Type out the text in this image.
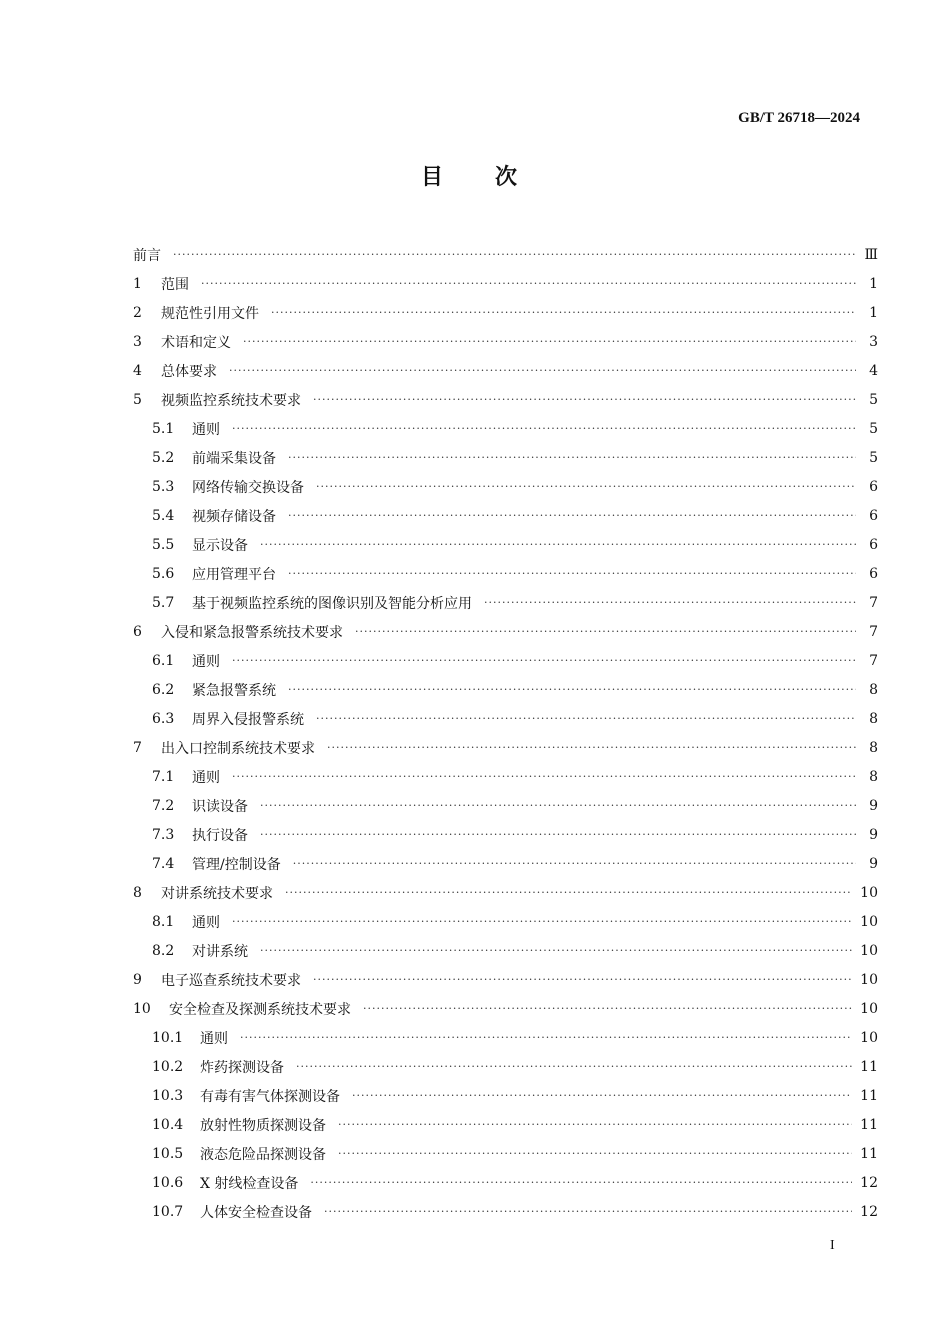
GB/T 26718—2024
目次
前言 ·····	Ⅲ
1	范围 ·····	1
2	规范性引用文件 ·····	1
3	术语和定义 ·····	3
4	总体要求 ·····	4
5	视频监控系统技术要求 ·····	5
5.1	通则 ·····	5
5.2	前端采集设备 ·····	5
5.3	网络传输交换设备 ·····	6
5.4	视频存储设备 ·····	6
5.5	显示设备 ·····	6
5.6	应用管理平台 ·····	6
5.7	基于视频监控系统的图像识别及智能分析应用 ·····	7
6	入侵和紧急报警系统技术要求 ·····	7
6.1	通则 ·····	7
6.2	紧急报警系统 ·····	8
6.3	周界入侵报警系统 ·····	8
7	出入口控制系统技术要求 ·····	8
7.1	通则 ·····	8
7.2	识读设备 ·····	9
7.3	执行设备 ·····	9
7.4	管理/控制设备 ·····	9
8	对讲系统技术要求 ·····	10
8.1	通则 ·····	10
8.2	对讲系统 ·····	10
9	电子巡查系统技术要求 ·····	10
10	安全检查及探测系统技术要求 ·····	10
10.1	通则 ·····	10
10.2	炸药探测设备 ·····	11
10.3	有毒有害气体探测设备 ·····	11
10.4	放射性物质探测设备 ·····	11
10.5	液态危险品探测设备 ·····	11
10.6	X 射线检查设备 ·····	12
10.7	人体安全检查设备 ·····	12
I
